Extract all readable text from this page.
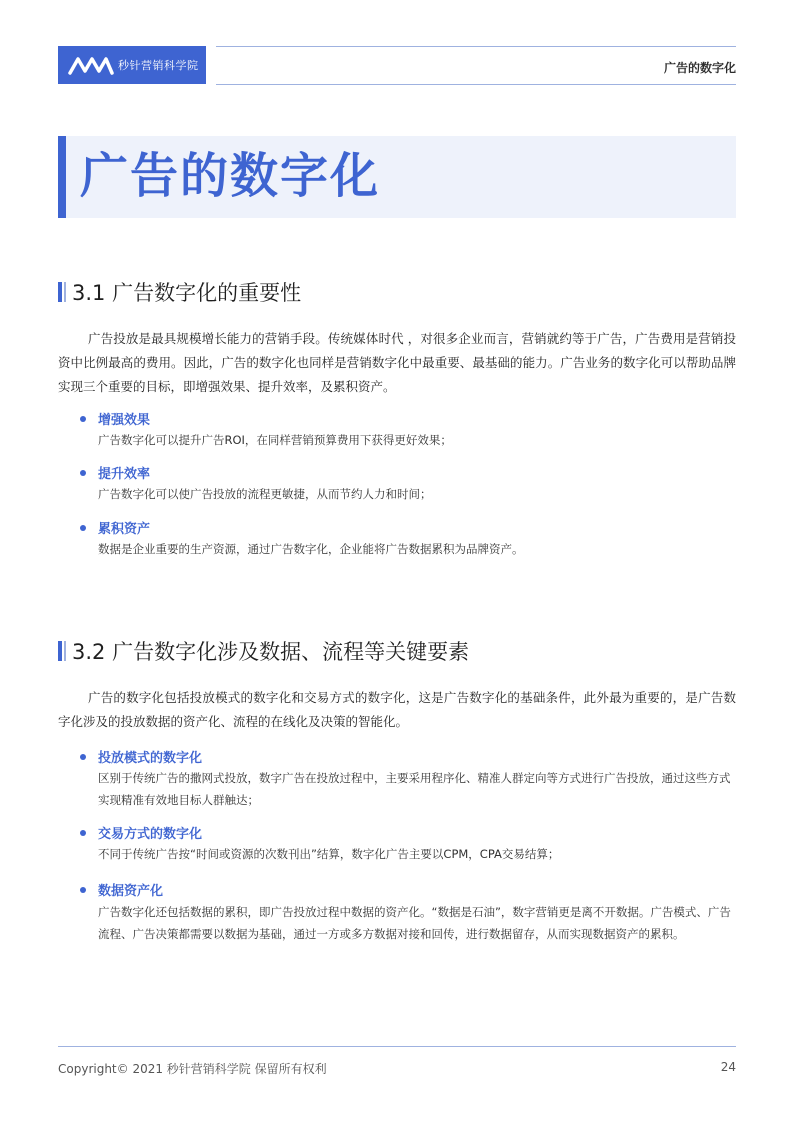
秒针营销科学院	广告的数字化
广告的数字化
3.1 广告数字化的重要性
广告投放是最具规模增长能力的营销手段。传统媒体时代 ，对很多企业而言，营销就约等于广告，广告费用是营销投资中比例最高的费用。因此，广告的数字化也同样是营销数字化中最重要、最基础的能力。广告业务的数字化可以帮助品牌实现三个重要的目标，即增强效果、提升效率，及累积资产。
增强效果
广告数字化可以提升广告ROI，在同样营销预算费用下获得更好效果；
提升效率
广告数字化可以使广告投放的流程更敏捷，从而节约人力和时间；
累积资产
数据是企业重要的生产资源，通过广告数字化，企业能将广告数据累积为品牌资产。
3.2 广告数字化涉及数据、流程等关键要素
广告的数字化包括投放模式的数字化和交易方式的数字化，这是广告数字化的基础条件，此外最为重要的，是广告数字化涉及的投放数据的资产化、流程的在线化及决策的智能化。
投放模式的数字化
区别于传统广告的撒网式投放，数字广告在投放过程中，主要采用程序化、精准人群定向等方式进行广告投放，通过这些方式实现精准有效地目标人群触达；
交易方式的数字化
不同于传统广告按“时间或资源的次数刊出”结算，数字化广告主要以CPM，CPA交易结算；
数据资产化
广告数字化还包括数据的累积，即广告投放过程中数据的资产化。“数据是石油”，数字营销更是离不开数据。广告模式、广告流程、广告决策都需要以数据为基础，通过一方或多方数据对接和回传，进行数据留存，从而实现数据资产的累积。
Copyright© 2021 秒针营销科学院 保留所有权利	24
